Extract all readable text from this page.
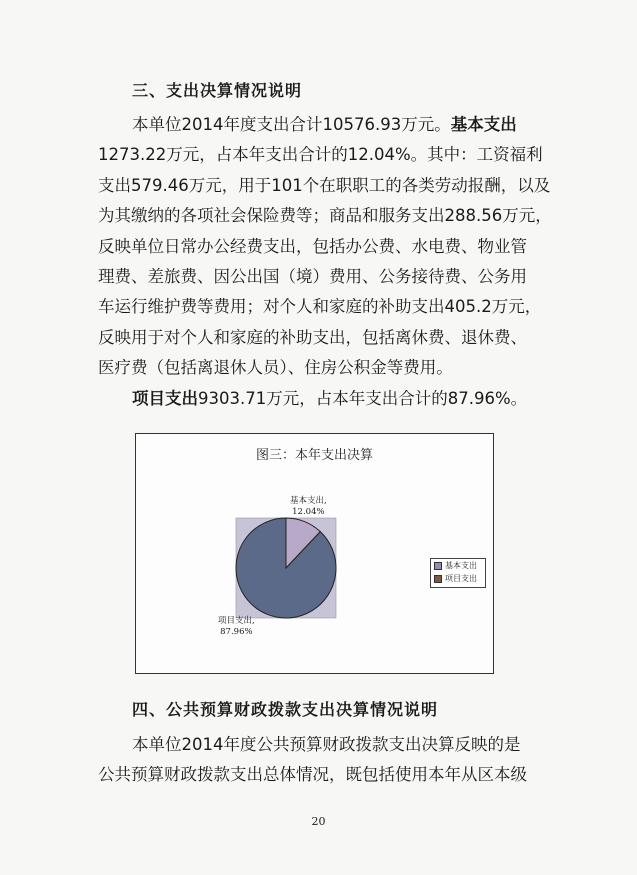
三、支出决算情况说明

本单位2014年度支出合计10576.93万元。基本支出

1273.22万元，占本年支出合计的12.04%。其中：工资福利

支出579.46万元，用于101个在职职工的各类劳动报酬，以及

为其缴纳的各项社会保险费等；商品和服务支出288.56万元，

反映单位日常办公经费支出，包括办公费、水电费、物业管

理费、差旅费、因公出国（境）费用、公务接待费、公务用

车运行维护费等费用；对个人和家庭的补助支出405.2万元，

反映用于对个人和家庭的补助支出，包括离休费、退休费、

医疗费（包括离退休人员）、住房公积金等费用。

项目支出9303.71万元，占本年支出合计的87.96%。

图三：本年支出决算
基本支出,
12.04%
项目支出,
87.96%
基本支出
项目支出
四、公共预算财政拨款支出决算情况说明

本单位2014年度公共预算财政拨款支出决算反映的是

公共预算财政拨款支出总体情况，既包括使用本年从区本级

20
